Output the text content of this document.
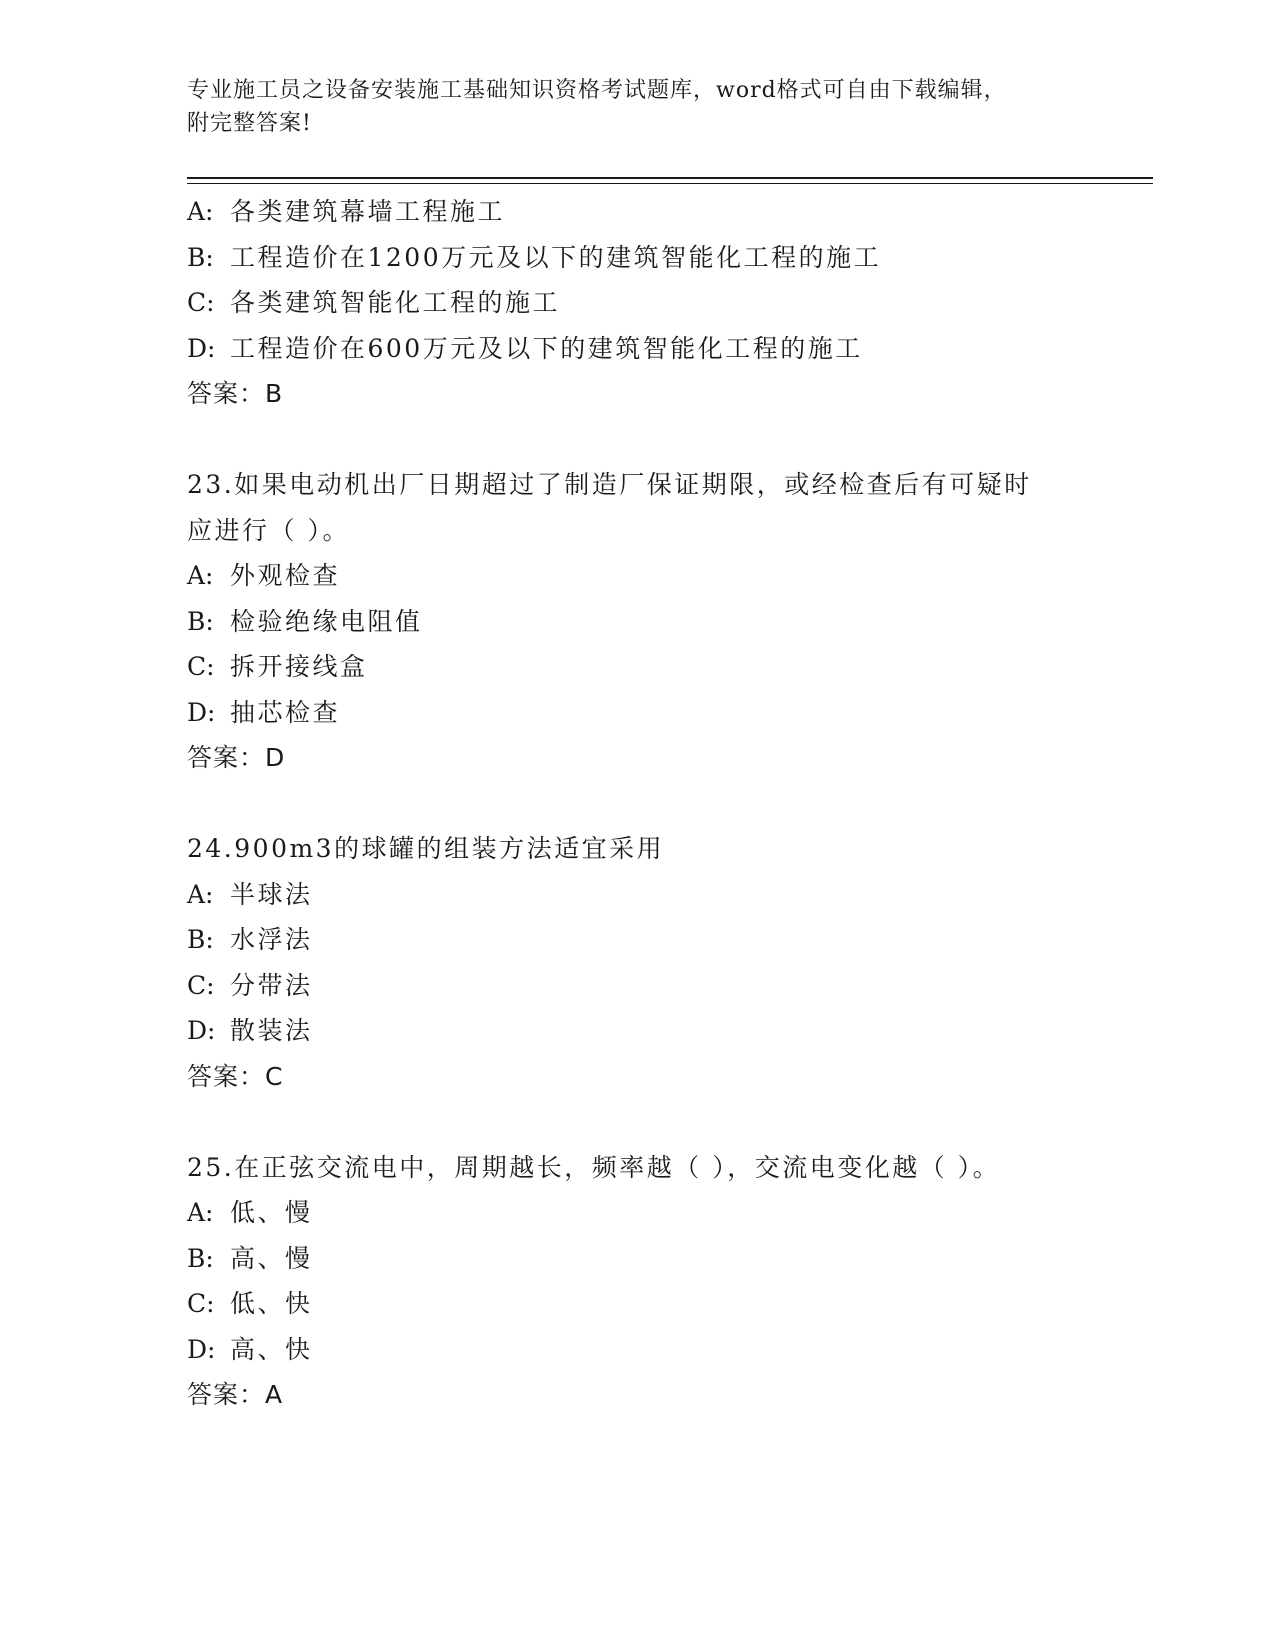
专业施工员之设备安装施工基础知识资格考试题库，word格式可自由下载编辑，
附完整答案!
A: 各类建筑幕墙工程施工
B: 工程造价在1200万元及以下的建筑智能化工程的施工
C: 各类建筑智能化工程的施工
D: 工程造价在600万元及以下的建筑智能化工程的施工
答案：B
23.如果电动机出厂日期超过了制造厂保证期限，或经检查后有可疑时
应进行（ ）。
A: 外观检查
B: 检验绝缘电阻值
C: 拆开接线盒
D: 抽芯检查
答案：D
24.900m3的球罐的组装方法适宜采用
A: 半球法
B: 水浮法
C: 分带法
D: 散装法
答案：C
25.在正弦交流电中，周期越长，频率越（ ），交流电变化越（ ）。
A: 低、慢
B: 高、慢
C: 低、快
D: 高、快
答案：A
